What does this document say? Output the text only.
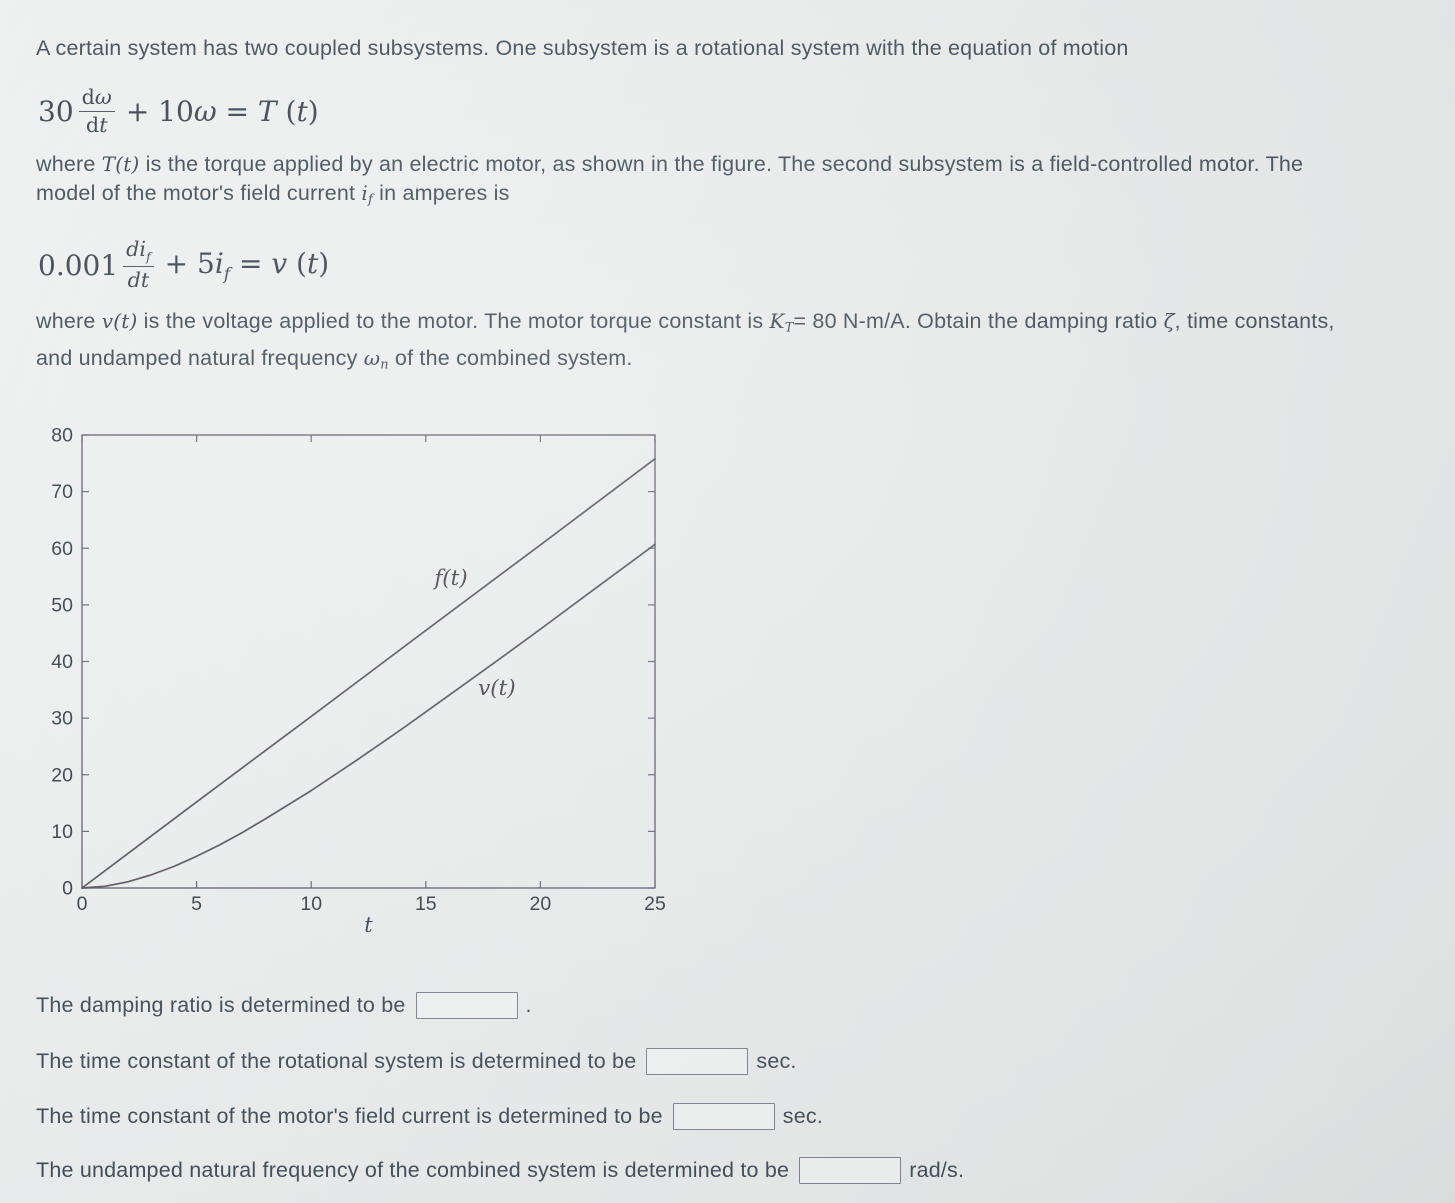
A certain system has two coupled subsystems. One subsystem is a rotational system with the equation of motion
$30 \frac{d\omega}{dt} + 10\omega = T$ (t)
where T(t) is the torque applied by an electric motor, as shown in the figure. The second subsystem is a field-controlled motor. The
model of the motor's field current if in amperes is
$0.001 \frac{di_f}{dt} + 5i_f = v$ (t)
where v(t) is the voltage applied to the motor. The motor torque constant is KT= 80 N-m/A. Obtain the damping ratio ζ, time constants,
and undamped natural frequency ωn of the combined system.
0	5	10	15	20	25
0
10
20
30
40
50
60
70
80
t
f(t)
v(t)
The damping ratio is determined to be	.
The time constant of the rotational system is determined to be	sec.
The time constant of the motor's field current is determined to be	sec.
The undamped natural frequency of the combined system is determined to be	rad/s.
